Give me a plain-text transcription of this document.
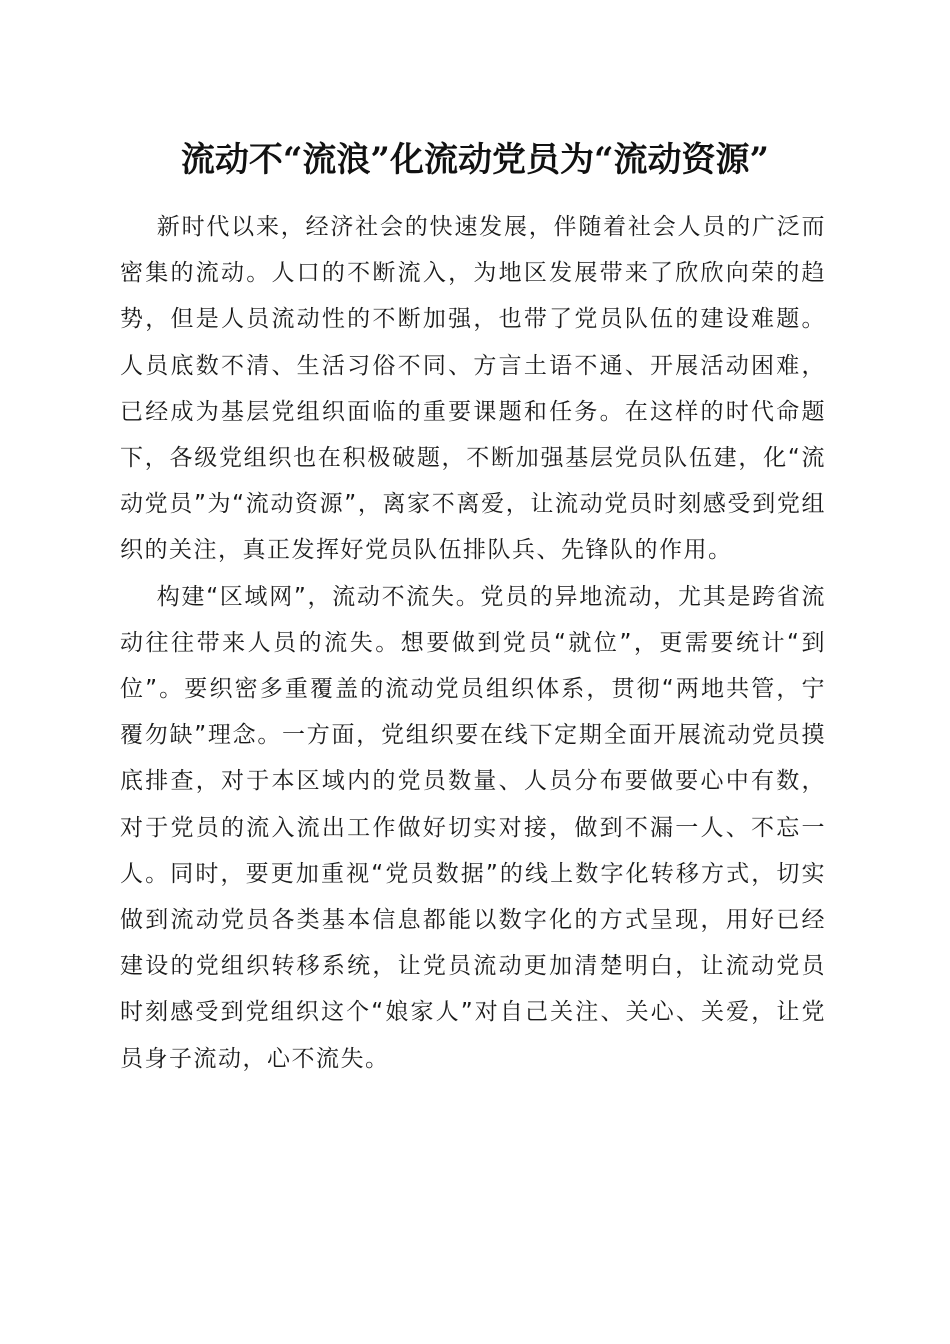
流动不“流浪”化流动党员为“流动资源”

新时代以来，经济社会的快速发展，伴随着社会人员的广泛而密集的流动。人口的不断流入，为地区发展带来了欣欣向荣的趋势，但是人员流动性的不断加强，也带了党员队伍的建设难题。人员底数不清、生活习俗不同、方言土语不通、开展活动困难，已经成为基层党组织面临的重要课题和任务。在这样的时代命题下，各级党组织也在积极破题，不断加强基层党员队伍建，化“流动党员”为“流动资源”，离家不离爱，让流动党员时刻感受到党组织的关注，真正发挥好党员队伍排队兵、先锋队的作用。

构建“区域网”，流动不流失。党员的异地流动，尤其是跨省流动往往带来人员的流失。想要做到党员“就位”，更需要统计“到位”。要织密多重覆盖的流动党员组织体系，贯彻“两地共管，宁覆勿缺”理念。一方面，党组织要在线下定期全面开展流动党员摸底排查，对于本区域内的党员数量、人员分布要做要心中有数，对于党员的流入流出工作做好切实对接，做到不漏一人、不忘一人。同时，要更加重视“党员数据”的线上数字化转移方式，切实做到流动党员各类基本信息都能以数字化的方式呈现，用好已经建设的党组织转移系统，让党员流动更加清楚明白，让流动党员时刻感受到党组织这个“娘家人”对自己关注、关心、关爱，让党员身子流动，心不流失。
